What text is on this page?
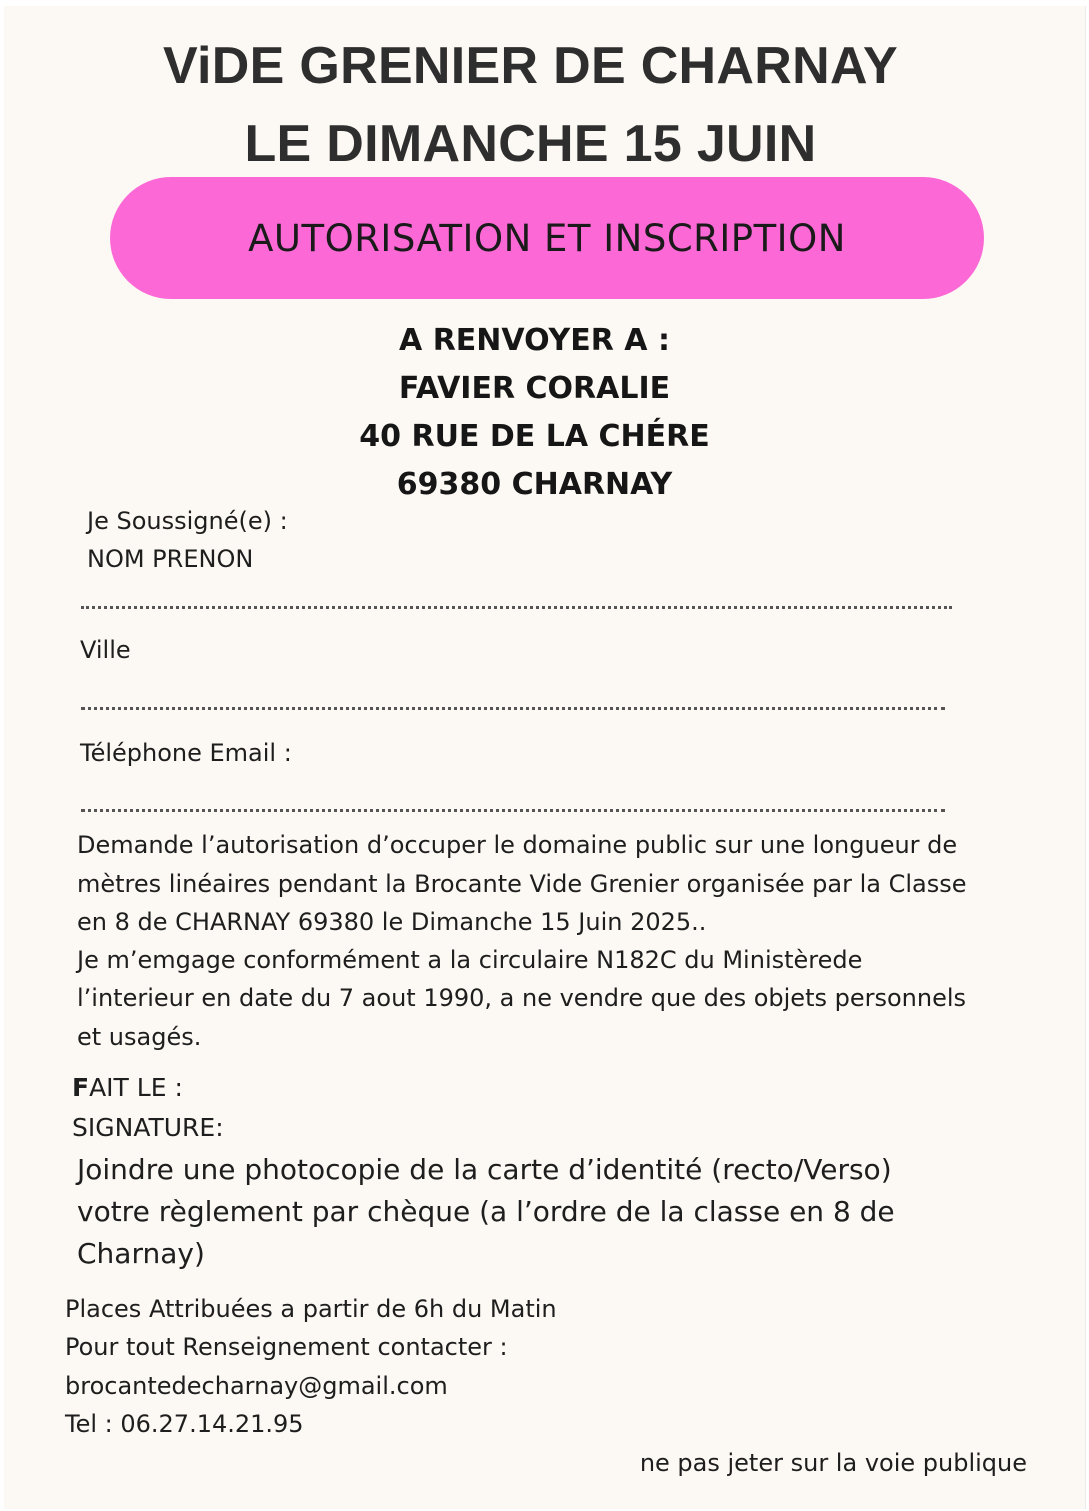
ViDE GRENIER DE CHARNAY
LE DIMANCHE 15 JUIN
AUTORISATION ET INSCRIPTION
A RENVOYER A :
FAVIER CORALIE
40 RUE DE LA CHÉRE
69380 CHARNAY
Je Soussigné(e) :
NOM PRENON
Ville
Téléphone Email :
Demande l’autorisation d’occuper le domaine public sur une longueur de
mètres linéaires pendant la Brocante Vide Grenier organisée par la Classe
en 8 de CHARNAY 69380 le Dimanche 15 Juin 2025..
Je m’emgage conformément a la circulaire N182C du Ministèrede
l’interieur en date du 7 aout 1990, a ne vendre que des objets personnels
et usagés.
FAIT LE :
SIGNATURE:
Joindre une photocopie de la carte d’identité (recto/Verso)
votre règlement par chèque (a l’ordre de la classe en 8 de
Charnay)
Places Attribuées a partir de 6h du Matin
Pour tout Renseignement contacter :
brocantedecharnay@gmail.com
Tel : 06.27.14.21.95
ne pas jeter sur la voie publique
